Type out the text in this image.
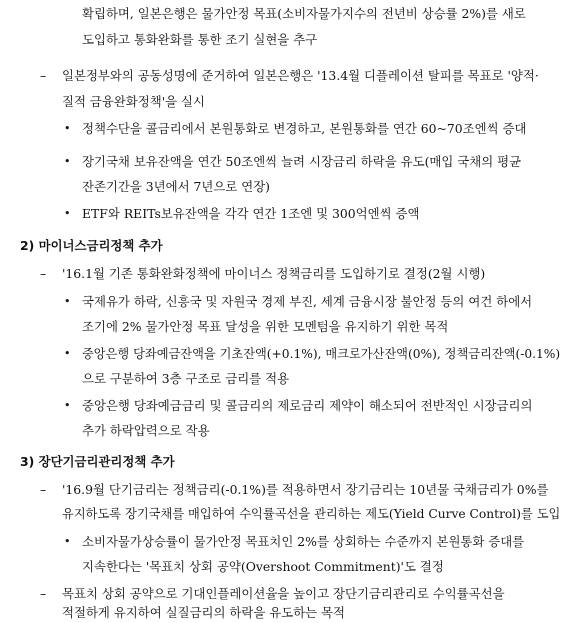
확립하며, 일본은행은 물가안정 목표(소비자물가지수의 전년비 상승률 2%)를 새로
도입하고 통화완화를 통한 조기 실현을 추구
– 일본정부와의 공동성명에 준거하여 일본은행은 '13.4월 디플레이션 탈피를 목표로 '양적·
질적 금융완화정책'을 실시
• 정책수단을 콜금리에서 본원통화로 변경하고, 본원통화를 연간 60~70조엔씩 증대
• 장기국채 보유잔액을 연간 50조엔씩 늘려 시장금리 하락을 유도(매입 국채의 평균
잔존기간을 3년에서 7년으로 연장)
• ETF와 REITs보유잔액을 각각 연간 1조엔 및 300억엔씩 증액
2) 마이너스금리정책 추가
– '16.1월 기존 통화완화정책에 마이너스 정책금리를 도입하기로 결정(2월 시행)
• 국제유가 하락, 신흥국 및 자원국 경제 부진, 세계 금융시장 불안정 등의 여건 하에서
조기에 2% 물가안정 목표 달성을 위한 모멘텀을 유지하기 위한 목적
• 중앙은행 당좌예금잔액을 기초잔액(+0.1%), 매크로가산잔액(0%), 정책금리잔액(-0.1%)
으로 구분하여 3층 구조로 금리를 적용
• 중앙은행 당좌예금금리 및 콜금리의 제로금리 제약이 해소되어 전반적인 시장금리의
추가 하락압력으로 작용
3) 장단기금리관리정책 추가
– '16.9월 단기금리는 정책금리(-0.1%)를 적용하면서 장기금리는 10년물 국채금리가 0%를
유지하도록 장기국채를 매입하여 수익률곡선을 관리하는 제도(Yield Curve Control)를 도입
• 소비자물가상승률이 물가안정 목표치인 2%를 상회하는 수준까지 본원통화 증대를
지속한다는 '목표치 상회 공약(Overshoot Commitment)'도 결정
– 목표치 상회 공약으로 기대인플레이션율을 높이고 장단기금리관리로 수익률곡선을
적절하게 유지하여 실질금리의 하락을 유도하는 목적
